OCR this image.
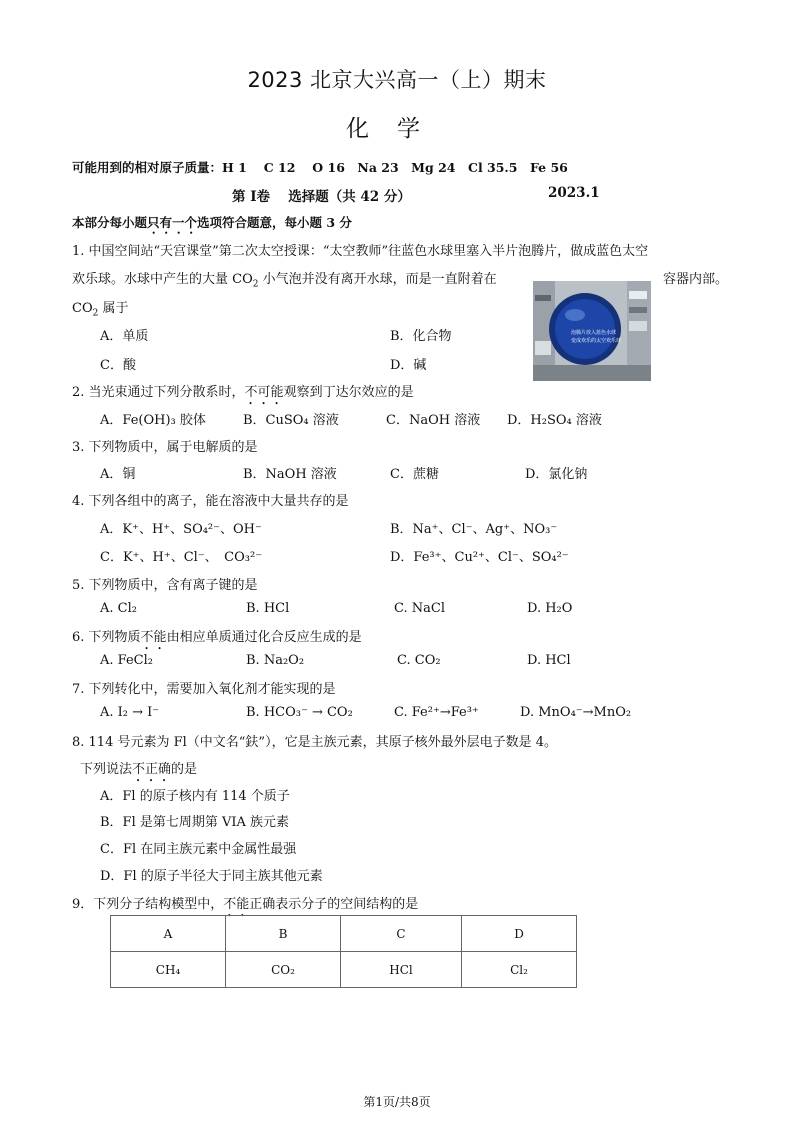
2023 北京大兴高一（上）期末
化学
可能用到的相对原子质量：H 1　 C 12　 O 16　Na 23　Mg 24　Cl 35.5　Fe 56
第 I卷　 选择题（共 42 分）	2023.1
本部分每小题只有一个选项符合题意，每小题 3 分
1. 中国空间站“天宫课堂”第二次太空授课：“太空教师”往蓝色水球里塞入半片泡腾片，做成蓝色太空
欢乐球。水球中产生的大量 $CO_2$ 小气泡并没有离开水球，而是一直附着在	容器内部。
$CO_2$ 属于
A．单质	B．化合物
C．酸	D．碱
泡腾片放入蓝色水球
变成欢乐的太空欢乐球
2. 当光束通过下列分散系时，不可能观察到丁达尔效应的是
A．Fe(OH)₃ 胶体	B．CuSO₄ 溶液	C．NaOH 溶液 D．H₂SO₄ 溶液
3. 下列物质中，属于电解质的是
A．铜	B．NaOH 溶液	C．蔗糖	D．氯化钠
4. 下列各组中的离子，能在溶液中大量共存的是
A．K⁺、H⁺、SO₄²⁻、OH⁻	B．Na⁺、Cl⁻、Ag⁺、NO₃⁻
C．K⁺、H⁺、Cl⁻、　CO₃²⁻	D．Fe³⁺、Cu²⁺、Cl⁻、SO₄²⁻
5. 下列物质中，含有离子键的是
A. Cl₂	B. HCl	C. NaCl	D. H₂O
6. 下列物质不能由相应单质通过化合反应生成的是
A. FeCl₂	B. Na₂O₂	C. CO₂	D. HCl
7. 下列转化中，需要加入氧化剂才能实现的是
A. I₂ → I⁻	B. HCO₃⁻ → CO₂	C. Fe²⁺→Fe³⁺	D. MnO₄⁻→MnO₂
8. 114 号元素为 Fl（中文名“鈇”），它是主族元素，其原子核外最外层电子数是 4。
下列说法不正确的是
A．Fl 的原子核内有 114 个质子
B．Fl 是第七周期第 VIA 族元素
C．Fl 在同主族元素中金属性最强
D．Fl 的原子半径大于同主族其他元素
9．下列分子结构模型中，不能正确表示分子的空间结构的是
A	B	C	D
CH₄	CO₂	HCl	Cl₂
第1页/共8页
